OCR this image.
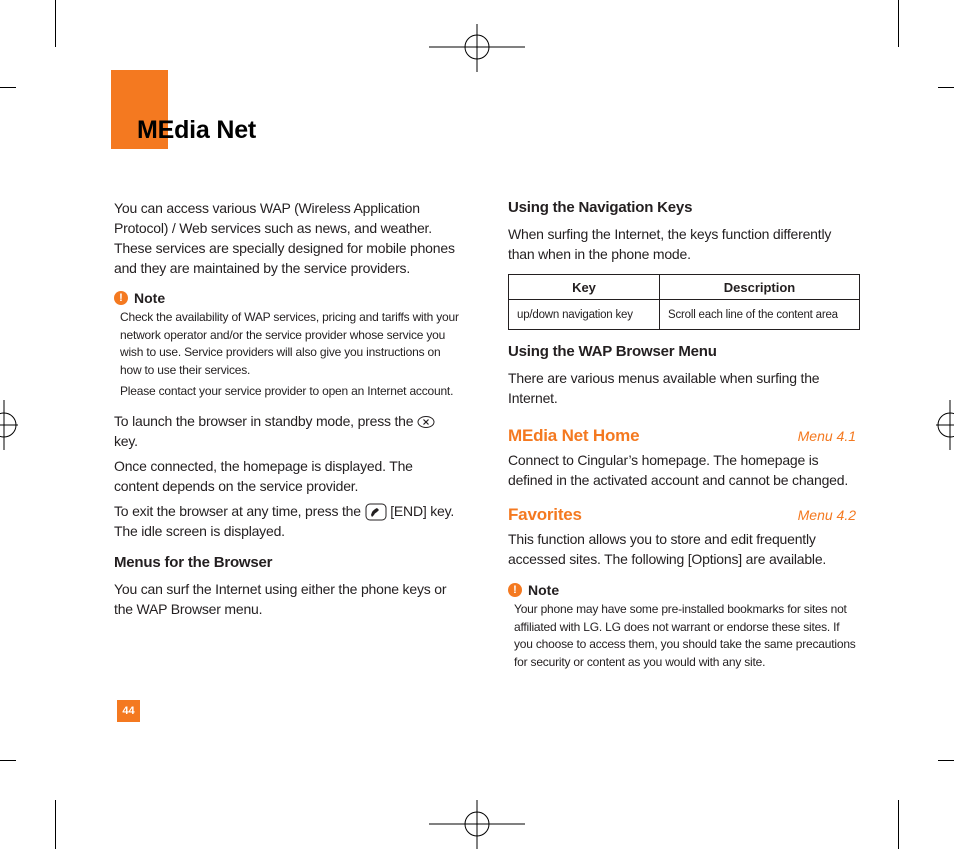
MEdia Net

You can access various WAP (Wireless Application Protocol) / Web services such as news, and weather. These services are specially designed for mobile phones and they are maintained by the service providers.

! Note

Check the availability of WAP services, pricing and tariffs with your network operator and/or the service provider whose service you wish to use. Service providers will also give you instructions on how to use their services.

Please contact your service provider to open an Internet account.

To launch the browser in standby mode, press the  key.

Once connected, the homepage is displayed. The content depends on the service provider.

To exit the browser at any time, press the [END] key. The idle screen is displayed.

Menus for the Browser

You can surf the Internet using either the phone keys or the WAP Browser menu.

Using the Navigation Keys

When surfing the Internet, the keys function differently than when in the phone mode.

Key	Description
up/down navigation key	Scroll each line of the content area
Using the WAP Browser Menu

There are various menus available when surfing the Internet.

MEdia Net Home	Menu 4.1

Connect to Cingular’s homepage. The homepage is defined in the activated account and cannot be changed.

Favorites	Menu 4.2

This function allows you to store and edit frequently accessed sites. The following [Options] are available.

! Note

Your phone may have some pre-installed bookmarks for sites not affiliated with LG. LG does not warrant or endorse these sites. If you choose to access them, you should take the same precautions for security or content as you would with any site.

44
